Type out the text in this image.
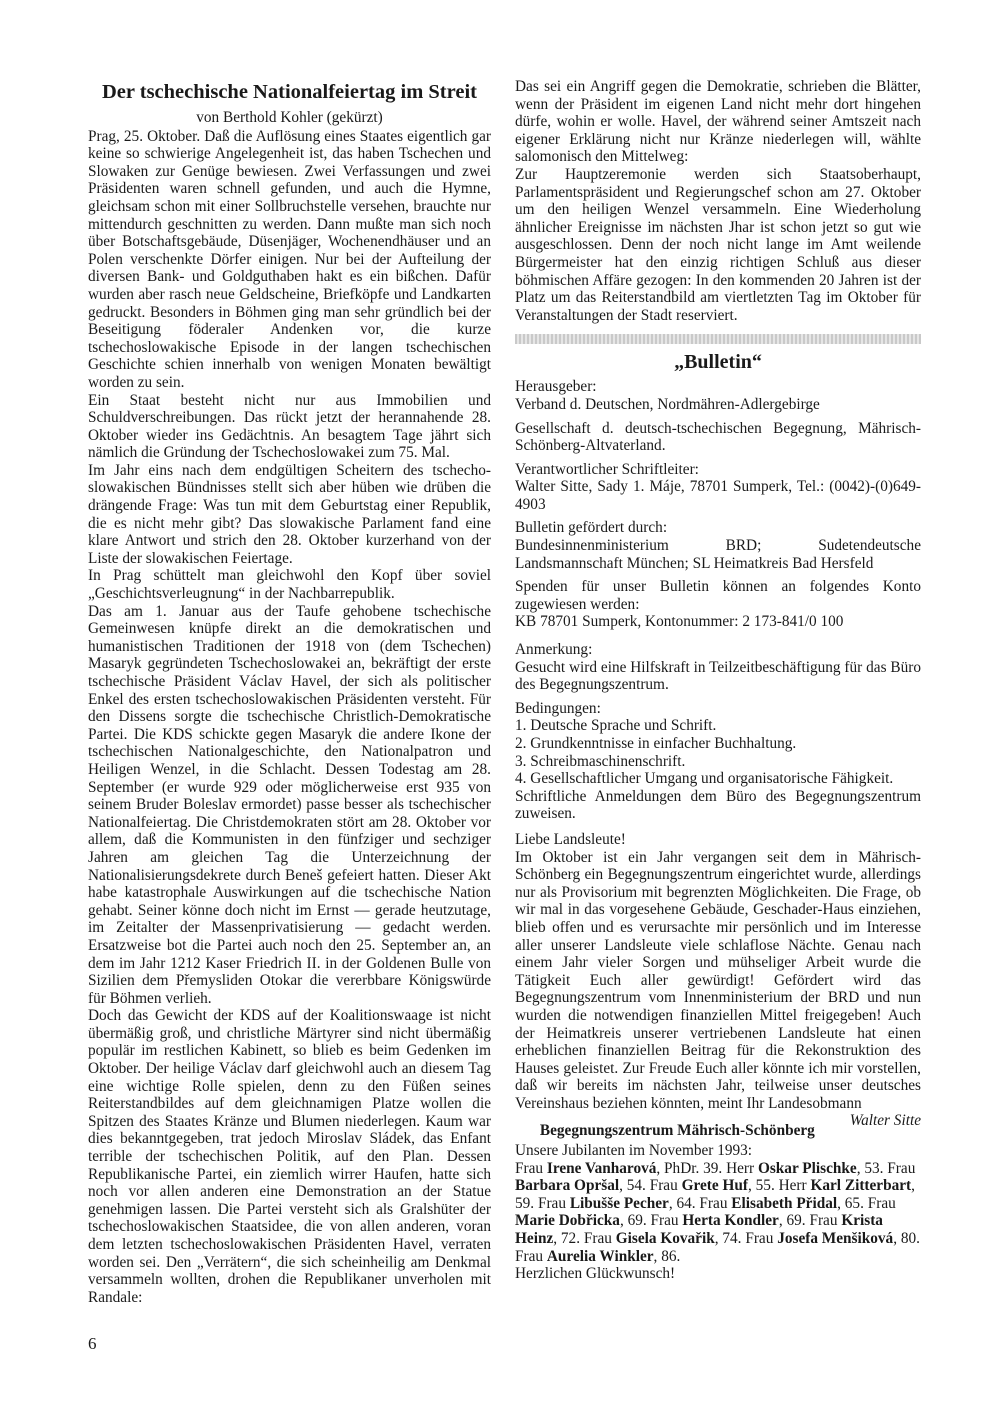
Der tschechische Nationalfeiertag im Streit
von Berthold Kohler (gekürzt)

Prag, 25. Oktober. Daß die Auflösung eines Staates eigentlich gar keine so schwierige Angelegenheit ist, das haben Tschechen und Slowaken zur Genüge bewiesen. Zwei Verfassungen und zwei Präsidenten waren schnell gefunden, und auch die Hymne, gleichsam schon mit einer Sollbruchstelle versehen, brauchte nur mittendurch geschnitten zu werden. Dann mußte man sich noch über Botschaftsgebäude, Düsenjäger, Wochenendhäuser und an Polen verschenkte Dörfer einigen. Nur bei der Aufteilung der diversen Bank- und Goldguthaben hakt es ein bißchen. Dafür wurden aber rasch neue Geldscheine, Briefköpfe und Landkarten gedruckt. Besonders in Böhmen ging man sehr gründlich bei der Beseitigung föderaler Andenken vor, die kurze tschechoslowakische Episode in der langen tschechischen Geschichte schien innerhalb von wenigen Monaten bewältigt worden zu sein.

Ein Staat besteht nicht nur aus Immobilien und Schuldverschreibungen. Das rückt jetzt der herannahende 28. Oktober wieder ins Gedächtnis. An besagtem Tage jährt sich nämlich die Gründung der Tschechoslowakei zum 75. Mal.

Im Jahr eins nach dem endgültigen Scheitern des tschecho-slowakischen Bündnisses stellt sich aber hüben wie drüben die drängende Frage: Was tun mit dem Geburtstag einer Republik, die es nicht mehr gibt? Das slowakische Parlament fand eine klare Antwort und strich den 28. Oktober kurzerhand von der Liste der slowakischen Feiertage.

In Prag schüttelt man gleichwohl den Kopf über soviel „Geschichtsverleugnung“ in der Nachbarrepublik.

Das am 1. Januar aus der Taufe gehobene tschechische Gemeinwesen knüpfe direkt an die demokratischen und humanistischen Traditionen der 1918 von (dem Tschechen) Masaryk gegründeten Tschechoslowakei an, bekräftigt der erste tschechische Präsident Václav Havel, der sich als politischer Enkel des ersten tschechoslowakischen Präsidenten versteht. Für den Dissens sorgte die tschechische Christlich-Demokratische Partei. Die KDS schickte gegen Masaryk die andere Ikone der tschechischen Nationalgeschichte, den Nationalpatron und Heiligen Wenzel, in die Schlacht. Dessen Todestag am 28. September (er wurde 929 oder möglicherweise erst 935 von seinem Bruder Boleslav ermordet) passe besser als tschechischer Nationalfeiertag. Die Christdemokraten stört am 28. Oktober vor allem, daß die Kommunisten in den fünfziger und sechziger Jahren am gleichen Tag die Unterzeichnung der Nationalisierungsdekrete durch Beneš gefeiert hatten. Dieser Akt habe katastrophale Auswirkungen auf die tschechische Nation gehabt. Seiner könne doch nicht im Ernst — gerade heutzutage, im Zeitalter der Massenprivatisierung — gedacht werden. Ersatzweise bot die Partei auch noch den 25. September an, an dem im Jahr 1212 Kaser Friedrich II. in der Goldenen Bulle von Sizilien dem Přemysliden Otokar die vererbbare Königswürde für Böhmen verlieh.

Doch das Gewicht der KDS auf der Koalitionswaage ist nicht übermäßig groß, und christliche Märtyrer sind nicht übermäßig populär im restlichen Kabinett, so blieb es beim Gedenken im Oktober. Der heilige Václav darf gleichwohl auch an diesem Tag eine wichtige Rolle spielen, denn zu den Füßen seines Reiterstandbildes auf dem gleichnamigen Platze wollen die Spitzen des Staates Kränze und Blumen niederlegen. Kaum war dies bekanntgegeben, trat jedoch Miroslav Sládek, das Enfant terrible der tschechischen Politik, auf den Plan. Dessen Republikanische Partei, ein ziemlich wirrer Haufen, hatte sich noch vor allen anderen eine Demonstration an der Statue genehmigen lassen. Die Partei versteht sich als Gralshüter der tschechoslowakischen Staatsidee, die von allen anderen, voran dem letzten tschechoslowakischen Präsidenten Havel, verraten worden sei. Den „Verrätern“, die sich scheinheilig am Denkmal versammeln wollten, drohen die Republikaner unverholen mit Randale:

Das sei ein Angriff gegen die Demokratie, schrieben die Blätter, wenn der Präsident im eigenen Land nicht mehr dort hingehen dürfe, wohin er wolle. Havel, der während seiner Amtszeit nach eigener Erklärung nicht nur Kränze niederlegen will, wählte salomonisch den Mittelweg:

Zur Hauptzeremonie werden sich Staatsoberhaupt, Parlamentspräsident und Regierungschef schon am 27. Oktober um den heiligen Wenzel versammeln. Eine Wiederholung ähnlicher Ereignisse im nächsten Jhar ist schon jetzt so gut wie ausgeschlossen. Denn der noch nicht lange im Amt weilende Bürgermeister hat den einzig richtigen Schluß aus dieser böhmischen Affäre gezogen: In den kommenden 20 Jahren ist der Platz um das Reiterstandbild am viertletzten Tag im Oktober für Veranstaltungen der Stadt reserviert.

„Bulletin“

Herausgeber:

Verband d. Deutschen, Nordmähren-Adlergebirge

Gesellschaft d. deutsch-tschechischen Begegnung, Mährisch-Schönberg-Altvaterland.

Verantwortlicher Schriftleiter:

Walter Sitte, Sady 1. Máje, 78701 Sumperk, Tel.: (0042)-(0)649-4903

Bulletin gefördert durch:

Bundesinnenministerium BRD; Sudetendeutsche Landsmannschaft München; SL Heimatkreis Bad Hersfeld

Spenden für unser Bulletin können an folgendes Konto zugewiesen werden:

KB 78701 Sumperk, Kontonummer: 2 173-841/0 100

Anmerkung:

Gesucht wird eine Hilfskraft in Teilzeitbeschäftigung für das Büro des Begegnungszentrum.

Bedingungen:

1. Deutsche Sprache und Schrift.
2. Grundkenntnisse in einfacher Buchhaltung.
3. Schreibmaschinenschrift.
4. Gesellschaftlicher Umgang und organisatorische Fähigkeit.

Schriftliche Anmeldungen dem Büro des Begegnungszentrum zuweisen.

Liebe Landsleute!

Im Oktober ist ein Jahr vergangen seit dem in Mährisch-Schönberg ein Begegnungszentrum eingerichtet wurde, allerdings nur als Provisorium mit begrenzten Möglichkeiten. Die Frage, ob wir mal in das vorgesehene Gebäude, Geschader-Haus einziehen, blieb offen und es verursachte mir persönlich und im Interesse aller unserer Landsleute viele schlaflose Nächte. Genau nach einem Jahr vieler Sorgen und mühseliger Arbeit wurde die Tätigkeit Euch aller gewürdigt! Gefördert wird das Begegnungszentrum vom Innenministerium der BRD und nun wurden die notwendigen finanziellen Mittel freigegeben! Auch der Heimatkreis unserer vertriebenen Landsleute hat einen erheblichen finanziellen Beitrag für die Rekonstruktion des Hauses geleistet. Zur Freude Euch aller könnte ich mir vorstellen, daß wir bereits im nächsten Jahr, teilweise unser deutsches Vereinshaus beziehen könnten, meint Ihr Landesobmann
Walter Sitte

Begegnungszentrum Mährisch-Schönberg

Unsere Jubilanten im November 1993:

Frau Irene Vanharová, PhDr. 39. Herr Oskar Plischke, 53. Frau Barbara Opršal, 54. Frau Grete Huf, 55. Herr Karl Zitterbart, 59. Frau Libušše Pecher, 64. Frau Elisabeth Přidal, 65. Frau Marie Dobřicka, 69. Frau Herta Kondler, 69. Frau Krista Heinz, 72. Frau Gisela Kovařik, 74. Frau Josefa Menšiková, 80. Frau Aurelia Winkler, 86.

Herzlichen Glückwunsch!

6
